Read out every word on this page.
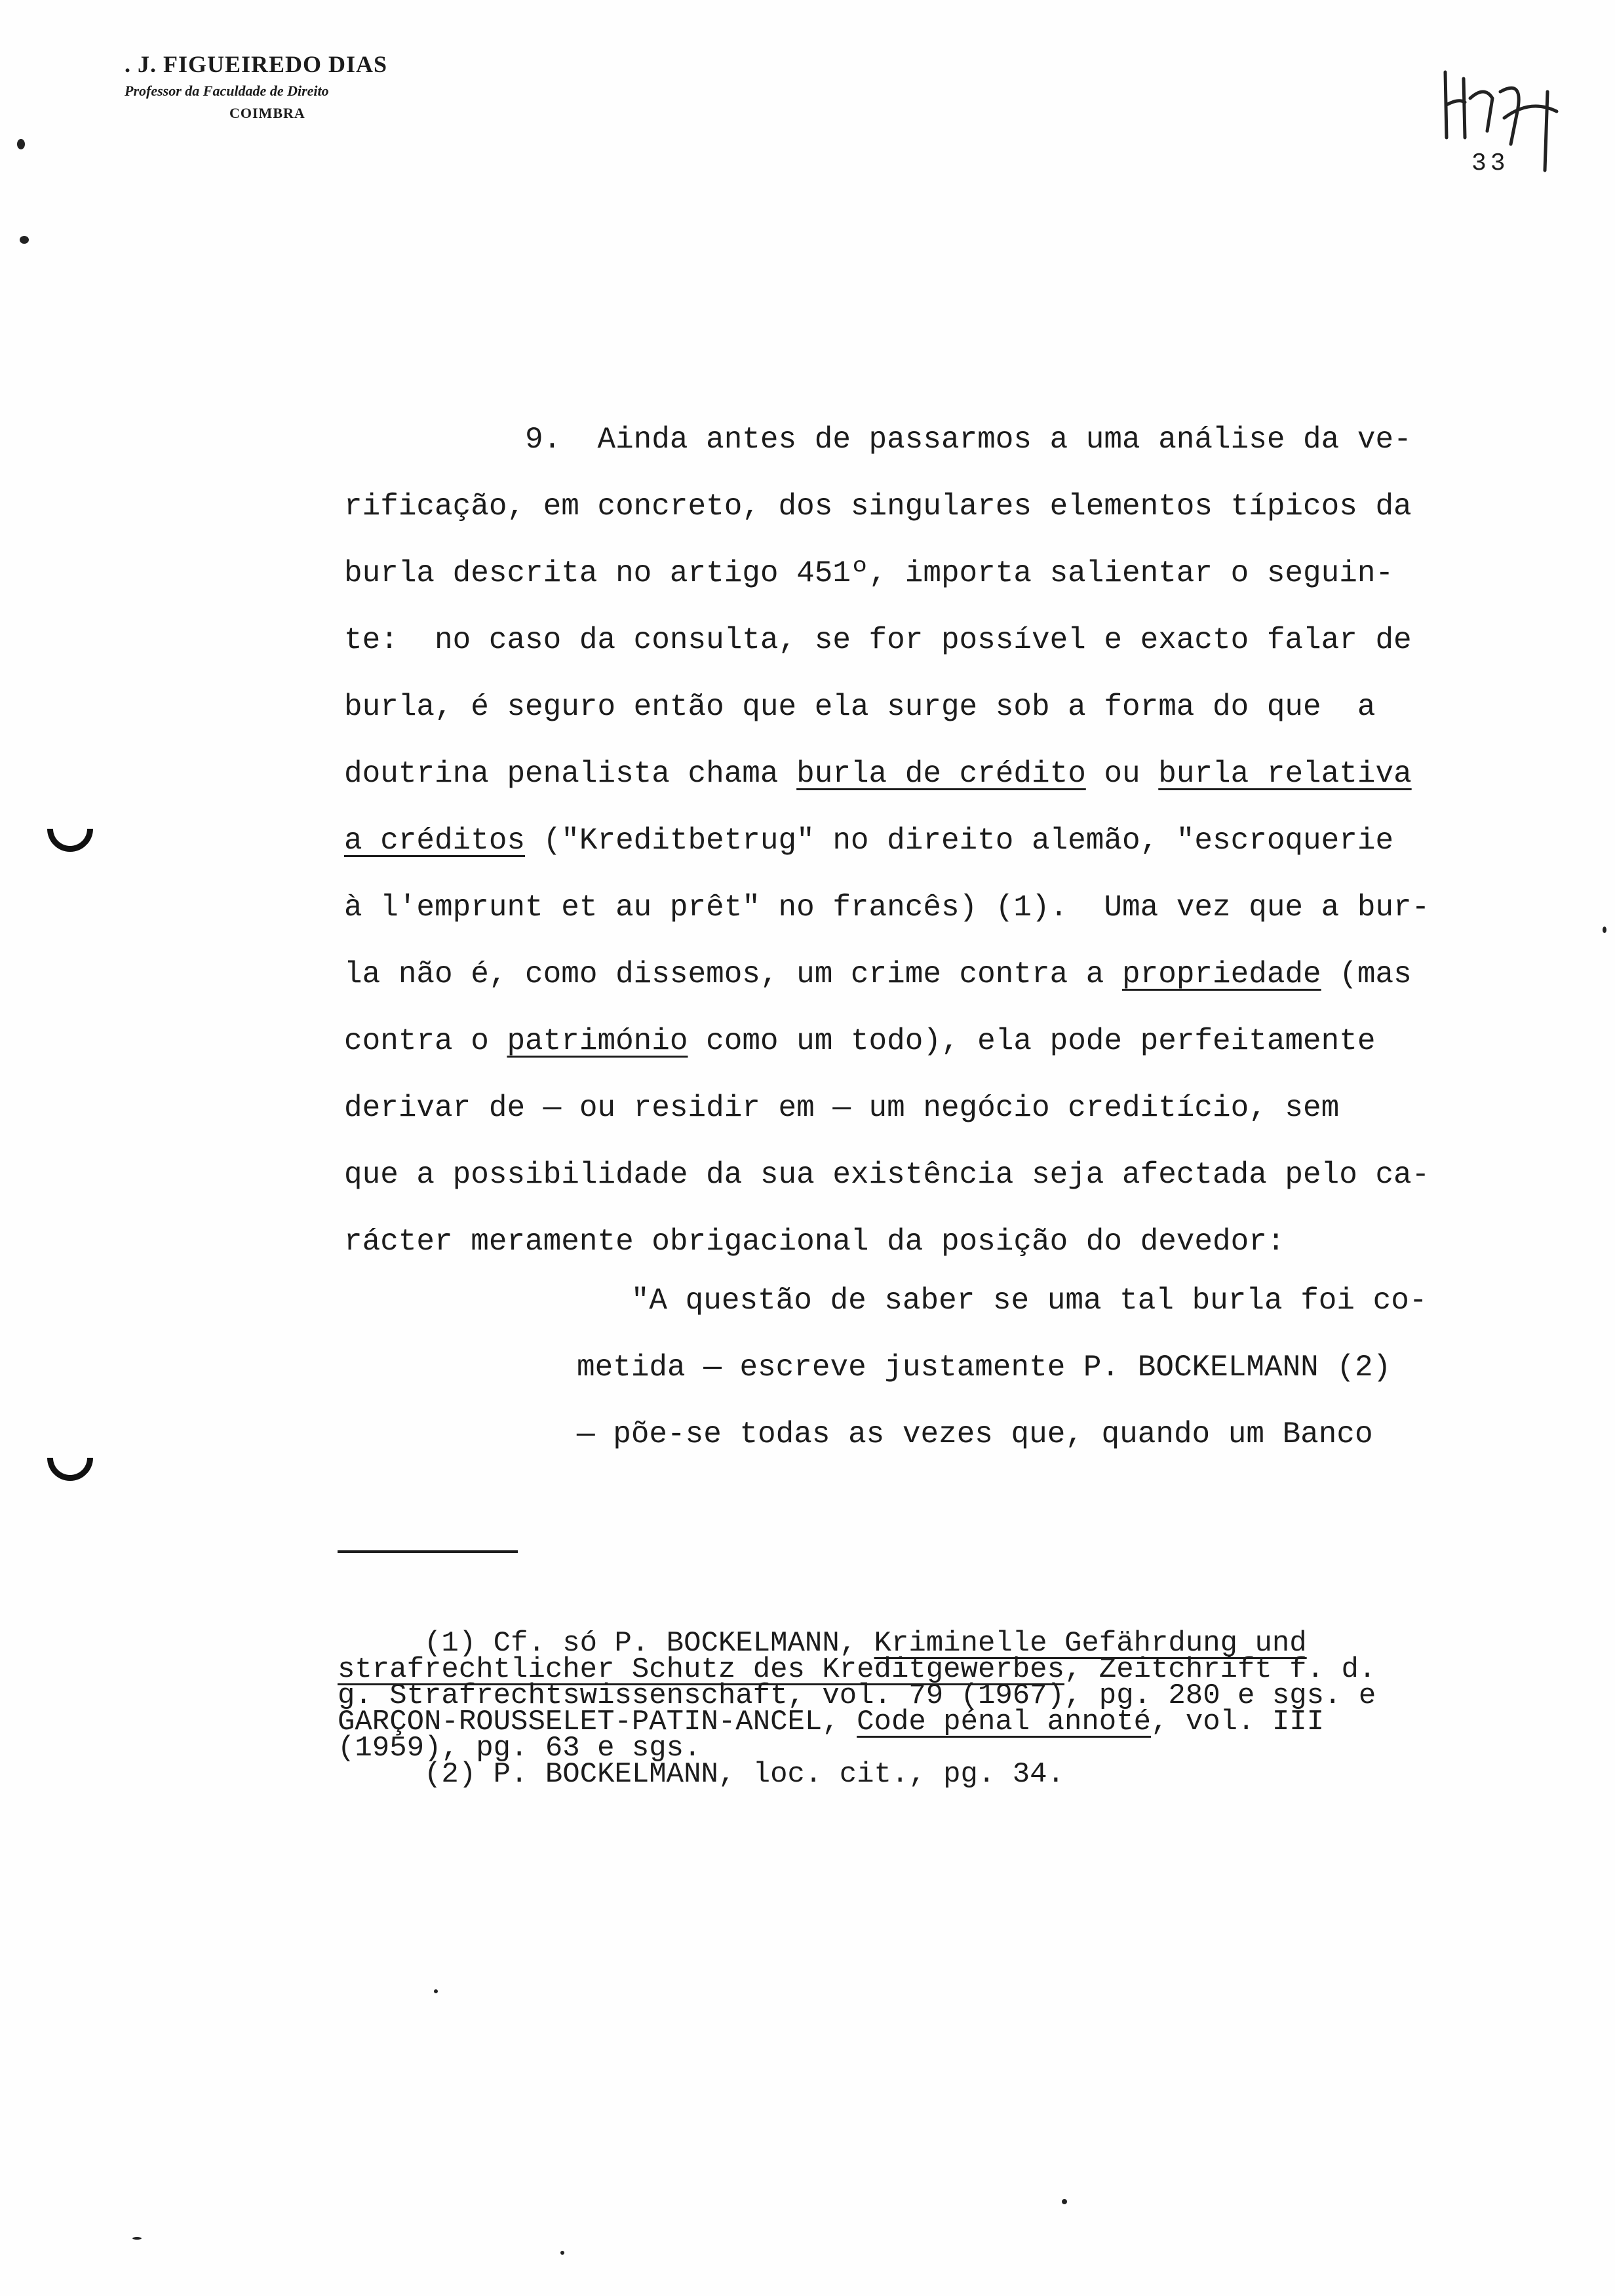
. J. FIGUEIREDO DIAS

Professor da Faculdade de Direito

COIMBRA

33

9.  Ainda antes de passarmos a uma análise da ve-
rificação, em concreto, dos singulares elementos típicos da
burla descrita no artigo 451º, importa salientar o seguin-
te:  no caso da consulta, se for possível e exacto falar de
burla, é seguro então que ela surge sob a forma do que  a
doutrina penalista chama burla de crédito ou burla relativa
a créditos ("Kreditbetrug" no direito alemão, "escroquerie
à l'emprunt et au prêt" no francês) (1).  Uma vez que a bur-
la não é, como dissemos, um crime contra a propriedade (mas
contra o património como um todo), ela pode perfeitamente
derivar de — ou residir em — um negócio creditício, sem
que a possibilidade da sua existência seja afectada pelo ca-
rácter meramente obrigacional da posição do devedor:
"A questão de saber se uma tal burla foi co-
metida — escreve justamente P. BOCKELMANN (2)
— põe-se todas as vezes que, quando um Banco
(1) Cf. só P. BOCKELMANN, Kriminelle Gefährdung und
strafrechtlicher Schutz des Kreditgewerbes, Zeitchrift f. d.
g. Strafrechtswissenschaft, vol. 79 (1967), pg. 280 e sgs. e
GARÇON-ROUSSELET-PATIN-ANCEL, Code pénal annoté, vol. III
(1959), pg. 63 e sgs.
(2) P. BOCKELMANN, loc. cit., pg. 34.
